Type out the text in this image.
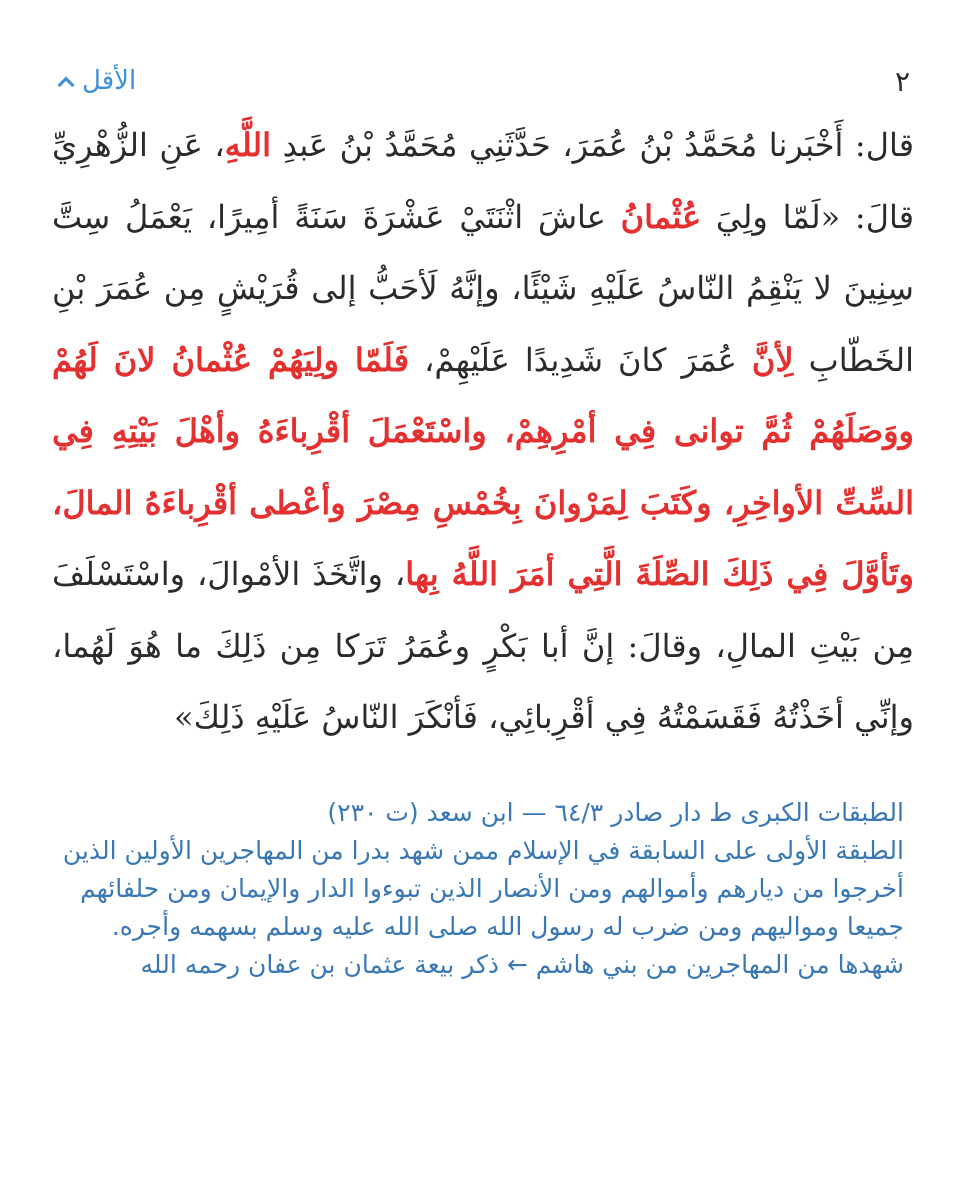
الأقل	٢
قال: أَخْبَرنا مُحَمَّدُ بْنُ عُمَرَ، حَدَّثَنِي مُحَمَّدُ بْنُ عَبدِ اللَّهِ، عَنِ الزُّهْرِيِّ قالَ: «لَمّا ولِيَ عُثْمانُ عاشَ اثْنَتَيْ عَشْرَةَ سَنَةً أمِيرًا، يَعْمَلُ سِتَّ سِنِينَ لا يَنْقِمُ النّاسُ عَلَيْهِ شَيْئًا، وإنَّهُ لَأحَبُّ إلى قُرَيْشٍ مِن عُمَرَ بْنِ الخَطّابِ لِأنَّ عُمَرَ كانَ شَدِيدًا عَلَيْهِمْ، فَلَمّا ولِيَهُمْ عُثْمانُ لانَ لَهُمْ ووَصَلَهُمْ ثُمَّ توانى فِي أمْرِهِمْ، واسْتَعْمَلَ أقْرِباءَهُ وأهْلَ بَيْتِهِ فِي السِّتِّ الأواخِرِ، وكَتَبَ لِمَرْوانَ بِخُمْسِ مِصْرَ وأعْطى أقْرِباءَهُ المالَ، وتَأوَّلَ فِي ذَلِكَ الصِّلَةَ الَّتِي أمَرَ اللَّهُ بِها، واتَّخَذَ الأمْوالَ، واسْتَسْلَفَ مِن بَيْتِ المالِ، وقالَ: إنَّ أبا بَكْرٍ وعُمَرُ تَرَكا مِن ذَلِكَ ما هُوَ لَهُما، وإنِّي أخَذْتُهُ فَقَسَمْتُهُ فِي أقْرِبائِي، فَأنْكَرَ النّاسُ عَلَيْهِ ذَلِكَ»
الطبقات الكبرى ط دار صادر ٦٤/٣ — ابن سعد (ت ٢٣٠)
الطبقة الأولى على السابقة في الإسلام ممن شهد بدرا من المهاجرين الأولين الذين أخرجوا من ديارهم وأموالهم ومن الأنصار الذين تبوءوا الدار والإيمان ومن حلفائهم جميعا ومواليهم ومن ضرب له رسول الله صلى الله عليه وسلم بسهمه وأجره. شهدها من المهاجرين من بني هاشم ← ذكر بيعة عثمان بن عفان رحمه الله
